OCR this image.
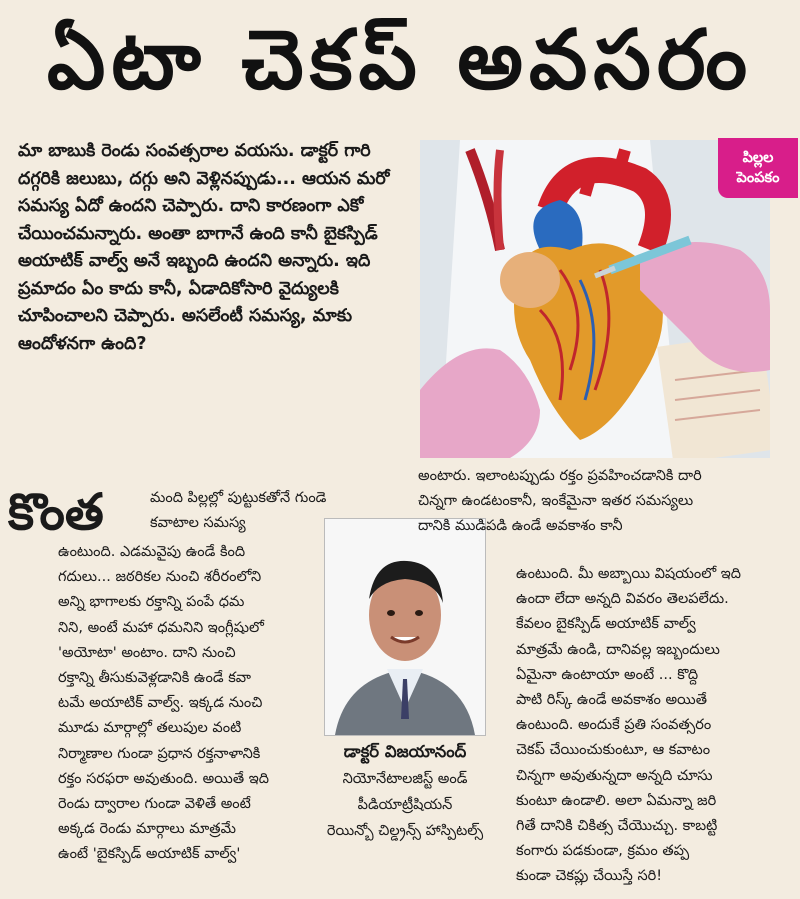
ఏటా చెకప్ అవసరం

మా బాబుకి రెండు సంవత్సరాల వయసు. డాక్టర్ గారి దగ్గరికి జలుబు, దగ్గు అని వెళ్లినప్పుడు... ఆయన మరో సమస్య ఏదో ఉందని చెప్పారు. దాని కారణంగా ఎకో చేయించమన్నారు. అంతా బాగానే ఉంది కానీ బైకస్పిడ్ అయాటిక్ వాల్వ్ అనే ఇబ్బంది ఉందని అన్నారు. ఇది ప్రమాదం ఏం కాదు కానీ, ఏడాదికోసారి వైద్యులకి చూపించాలని చెప్పారు. అసలేంటీ సమస్య, మాకు ఆందోళనగా ఉంది?

పిల్లల
పెంపకం
కొంత	మంది పిల్లల్లో పుట్టుకతోనే గుండె
కవాటాల సమస్య
ఉంటుంది. ఎడమవైపు ఉండే కింది
గదులు... జఠరికల నుంచి శరీరంలోని
అన్ని భాగాలకు రక్తాన్ని పంపే ధమ
నిని, అంటే మహా ధమనిని ఇంగ్లీషులో
'అయోటా' అంటాం. దాని నుంచి
రక్తాన్ని తీసుకువెళ్లడానికి ఉండే కవా
టమే అయాటిక్ వాల్వ్. ఇక్కడ నుంచి
మూడు మార్గాల్లో తలుపుల వంటి
నిర్మాణాల గుండా ప్రధాన రక్తనాళానికి
రక్తం సరఫరా అవుతుంది. అయితే ఇది
రెండు ద్వారాల గుండా వెళితే అంటే
అక్కడ రెండు మార్గాలు మాత్రమే
ఉంటే 'బైకస్పిడ్ అయాటిక్ వాల్వ్'
డాక్టర్ విజయానంద్
నియోనేటాలజిస్ట్ అండ్
పీడియాట్రీషియన్
రెయిన్బో చిల్డ్రన్స్ హాస్పిటల్స్
అంటారు. ఇలాంటప్పుడు రక్తం ప్రవహించడానికి దారి
చిన్నగా ఉండటంకానీ, ఇంకేమైనా ఇతర సమస్యలు
దానికి ముడిపడి ఉండే అవకాశం కానీ
ఉంటుంది. మీ అబ్బాయి విషయంలో ఇది
ఉందా లేదా అన్నది వివరం తెలపలేదు.
కేవలం బైకస్పిడ్ అయాటిక్ వాల్వ్
మాత్రమే ఉండి, దానివల్ల ఇబ్బందులు
ఏమైనా ఉంటాయా అంటే ... కొద్ది
పాటి రిస్క్ ఉండే అవకాశం అయితే
ఉంటుంది. అందుకే ప్రతి సంవత్సరం
చెకప్ చేయించుకుంటూ, ఆ కవాటం
చిన్నగా అవుతున్నదా అన్నది చూసు
కుంటూ ఉండాలి. అలా ఏమన్నా జరి
గితే దానికి చికిత్స చేయొచ్చు. కాబట్టి
కంగారు పడకుండా, క్రమం తప్ప
కుండా చెకప్లు చేయిస్తే సరి!
